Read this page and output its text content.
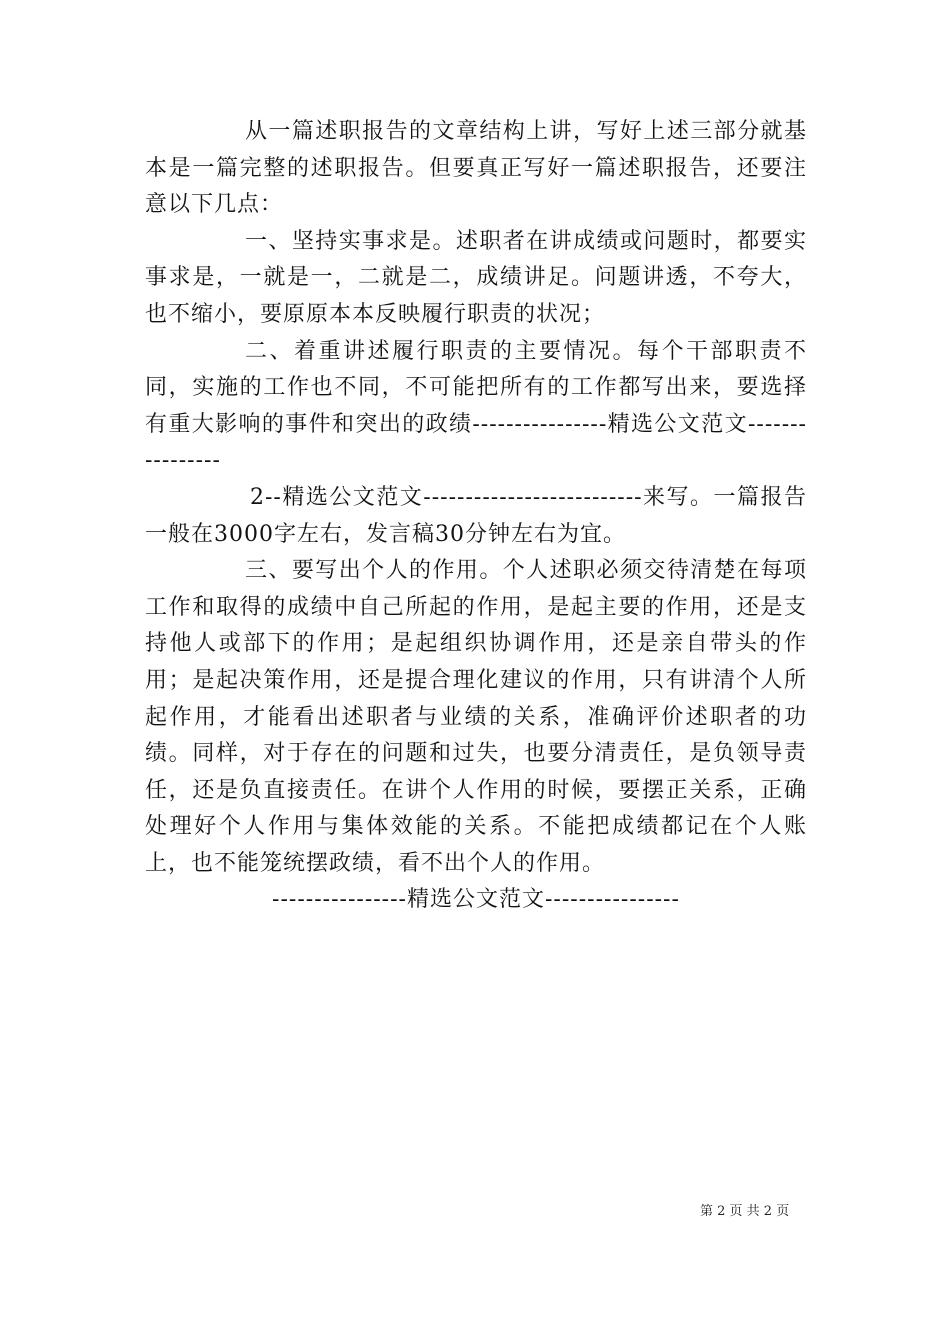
从一篇述职报告的文章结构上讲，写好上述三部分就基本是一篇完整的述职报告。但要真正写好一篇述职报告，还要注意以下几点：

一、坚持实事求是。述职者在讲成绩或问题时，都要实事求是，一就是一，二就是二，成绩讲足。问题讲透，不夸大，也不缩小，要原原本本反映履行职责的状况；

二、着重讲述履行职责的主要情况。每个干部职责不同，实施的工作也不同，不可能把所有的工作都写出来，要选择有重大影响的事件和突出的政绩----------------精选公文范文----------------

2--精选公文范文--------------------------来写。一篇报告一般在3000字左右，发言稿30分钟左右为宜。

三、要写出个人的作用。个人述职必须交待清楚在每项工作和取得的成绩中自己所起的作用，是起主要的作用，还是支持他人或部下的作用；是起组织协调作用，还是亲自带头的作用；是起决策作用，还是提合理化建议的作用，只有讲清个人所起作用，才能看出述职者与业绩的关系，准确评价述职者的功绩。同样，对于存在的问题和过失，也要分清责任，是负领导责任，还是负直接责任。在讲个人作用的时候，要摆正关系，正确处理好个人作用与集体效能的关系。不能把成绩都记在个人账上，也不能笼统摆政绩，看不出个人的作用。

----------------精选公文范文----------------

第 2 页 共 2 页
